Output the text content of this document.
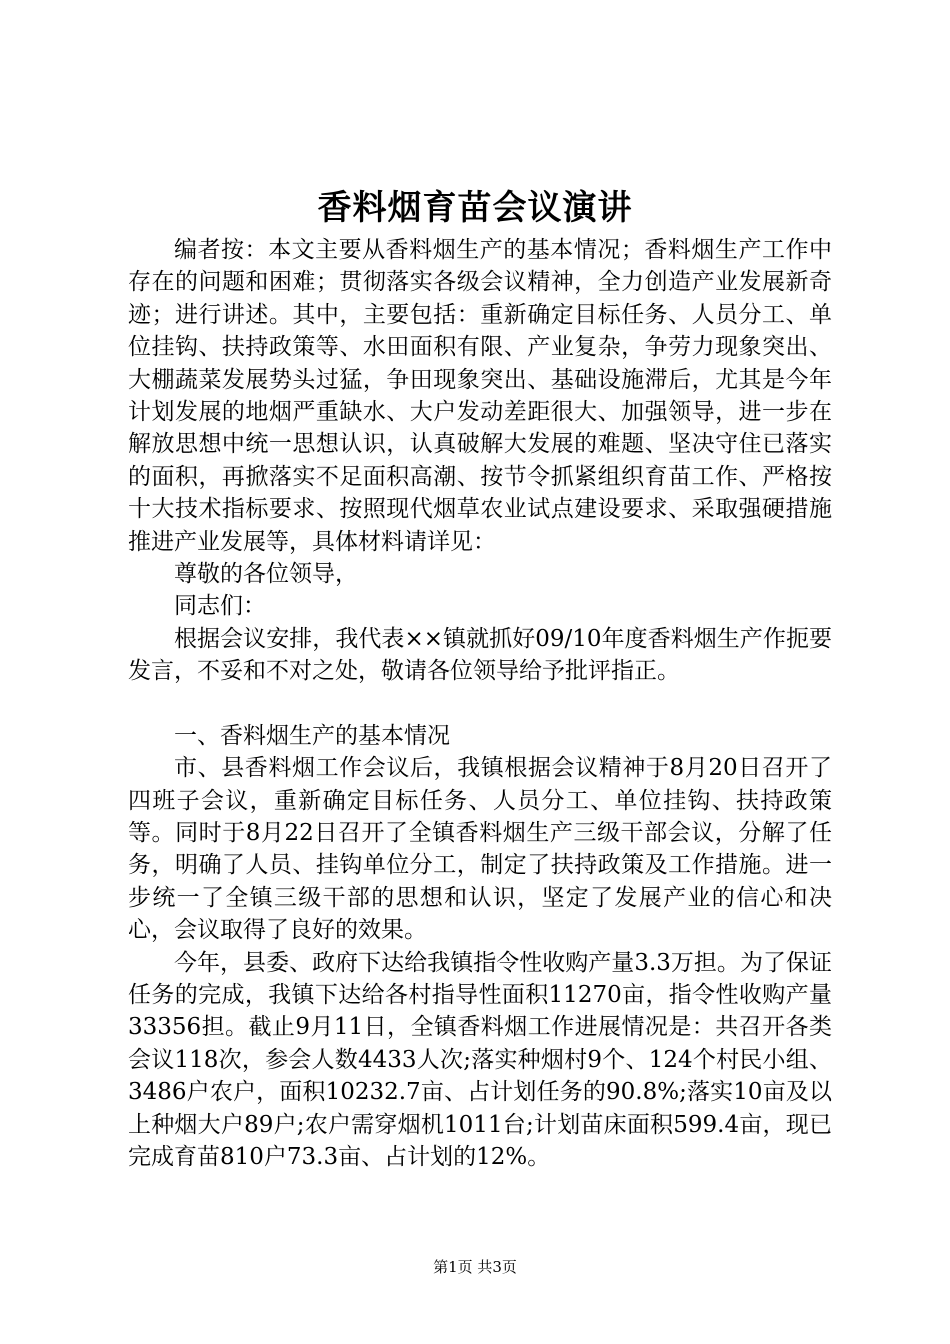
香料烟育苗会议演讲

编者按：本文主要从香料烟生产的基本情况；香料烟生产工作中存在的问题和困难；贯彻落实各级会议精神，全力创造产业发展新奇迹；进行讲述。其中，主要包括：重新确定目标任务、人员分工、单位挂钩、扶持政策等、水田面积有限、产业复杂，争劳力现象突出、大棚蔬菜发展势头过猛，争田现象突出、基础设施滞后，尤其是今年计划发展的地烟严重缺水、大户发动差距很大、加强领导，进一步在解放思想中统一思想认识，认真破解大发展的难题、坚决守住已落实的面积，再掀落实不足面积高潮、按节令抓紧组织育苗工作、严格按十大技术指标要求、按照现代烟草农业试点建设要求、采取强硬措施推进产业发展等，具体材料请详见：

尊敬的各位领导，

同志们：

根据会议安排，我代表××镇就抓好09/10年度香料烟生产作扼要发言，不妥和不对之处，敬请各位领导给予批评指正。

一、香料烟生产的基本情况

市、县香料烟工作会议后，我镇根据会议精神于8月20日召开了四班子会议，重新确定目标任务、人员分工、单位挂钩、扶持政策等。同时于8月22日召开了全镇香料烟生产三级干部会议，分解了任务，明确了人员、挂钩单位分工，制定了扶持政策及工作措施。进一步统一了全镇三级干部的思想和认识，坚定了发展产业的信心和决心，会议取得了良好的效果。

今年，县委、政府下达给我镇指令性收购产量3.3万担。为了保证任务的完成，我镇下达给各村指导性面积11270亩，指令性收购产量33356担。截止9月11日，全镇香料烟工作进展情况是：共召开各类会议118次，参会人数4433人次;落实种烟村9个、124个村民小组、3486户农户，面积10232.7亩、占计划任务的90.8%;落实10亩及以上种烟大户89户;农户需穿烟机1011台;计划苗床面积599.4亩，现已完成育苗810户73.3亩、占计划的12%。

第1页 共3页
